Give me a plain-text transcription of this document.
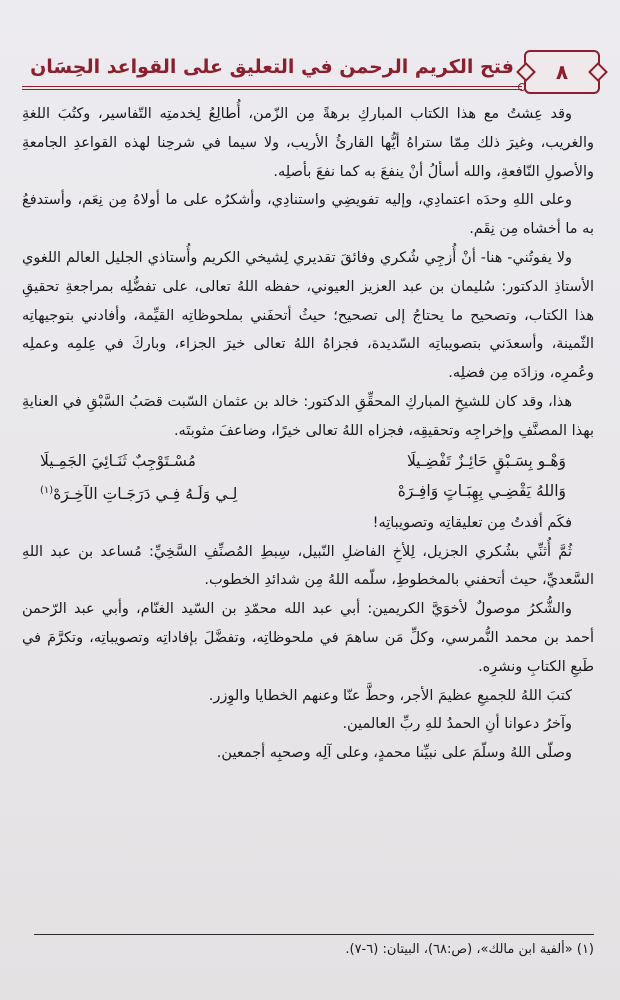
٨
فتح الكريم الرحمن في التعليق على القواعد الحِسَان

وقد عِشتُ مع هذا الكتاب المباركِ برهةً مِن الزّمن، أُطالِعُ لِخدمتِه التّفاسير، وكتُبَ اللغةِ والغريب، وغيرَ ذلك مِمّا ستراهُ أيُّها القارئُ الأريب، ولا سيما في شرحِنا لهذه القواعدِ الجامعةِ والأصولِ النّافعةِ، والله أسألُ أنْ ينفعَ به كما نفعَ بأصلِه.

وعلى اللهِ وحدَه اعتمادِي، وإليه تفويضِي واستنادِي، وأشكرُه على ما أولاهُ مِن نِعَم، وأستدفعُ به ما أخشاه مِن نِقَم.

ولا يفوتُني- هنا- أنْ أُزجِي شُكري وفائقَ تقديري لِشيخي الكريم وأُستاذي الجليل العالم اللغوي الأستاذِ الدكتور: سُليمان بن عبد العزيز العيوني، حفظه اللهُ تعالى، على تفضُّلِه بمراجعةِ تحقيقِ هذا الكتاب، وتصحيح ما يحتاجُ إلى تصحيح؛ حيثُ أتحفَني بملحوظاتِه القيِّمة، وأفادني بتوجيهاتِه الثّمينة، وأسعدَني بتصويباتِه السّديدة، فجزاهُ اللهُ تعالى خيرَ الجزاء، وباركَ في عِلمِه وعملِه وعُمرِه، وزادَه مِن فضلِه.

هذا، وقد كان للشيخِ المباركِ المحقِّقِ الدكتور: خالد بن عثمان السّبت قصَبُ السَّبْقِ في العنايةِ بهذا المصنَّفِ وإخراجِه وتحقيقِه، فجزاه اللهُ تعالى خيرًا، وضاعفَ مثوبتَه.

وَهْـو بِسَـبْقٍ حَائِـزٌ تَفْضِـيلَا
مُسْـتَوْجِبٌ ثَنَـائِيَ الجَمِـيلَا
وَاللهُ يَقْضِـي بِهِبَـاتٍ وَافِـرَهْ
لِـي وَلَـهُ فِـي دَرَجَـاتِ الآخِـرَهْ$^{(١)}$

فكَم أفدتُ مِن تعليقاتِه وتصويباتِه!

ثُمَّ أُثنِّي بشُكري الجزيل، لِلأخِ الفاضلِ النّبيل، سِبطِ المُصنِّفِ السَّخِيِّ: مُساعد بن عبد اللهِ السَّعديِّ، حيث أتحفني بالمخطوطِ، سلّمه اللهُ مِن شدائدِ الخطوب.

والشُّكرُ موصولٌ لأخوَيَّ الكريمين: أبي عبد الله محمّدِ بن السّيد الغنّام، وأبي عبد الرّحمن أحمد بن محمد النُّمرسي، وكلِّ مَن ساهمَ في ملحوظاتِه، وتفضَّلَ بإفاداتِه وتصويباتِه، وتكرَّمَ في طَبعِ الكتابِ ونشرِه.

كتبَ اللهُ للجميعِ عظيمَ الأجر، وحطَّ عنّا وعنهم الخطايا والوِزر.

وآخرُ دعوانا أنِ الحمدُ للهِ ربِّ العالمين.

وصلّى اللهُ وسلّمَ على نبيِّنا محمدٍ، وعلى آلِه وصحبِه أجمعين.

(١) «ألفية ابن مالك»، (ص:٦٨)، البيتان: (٦-٧).
